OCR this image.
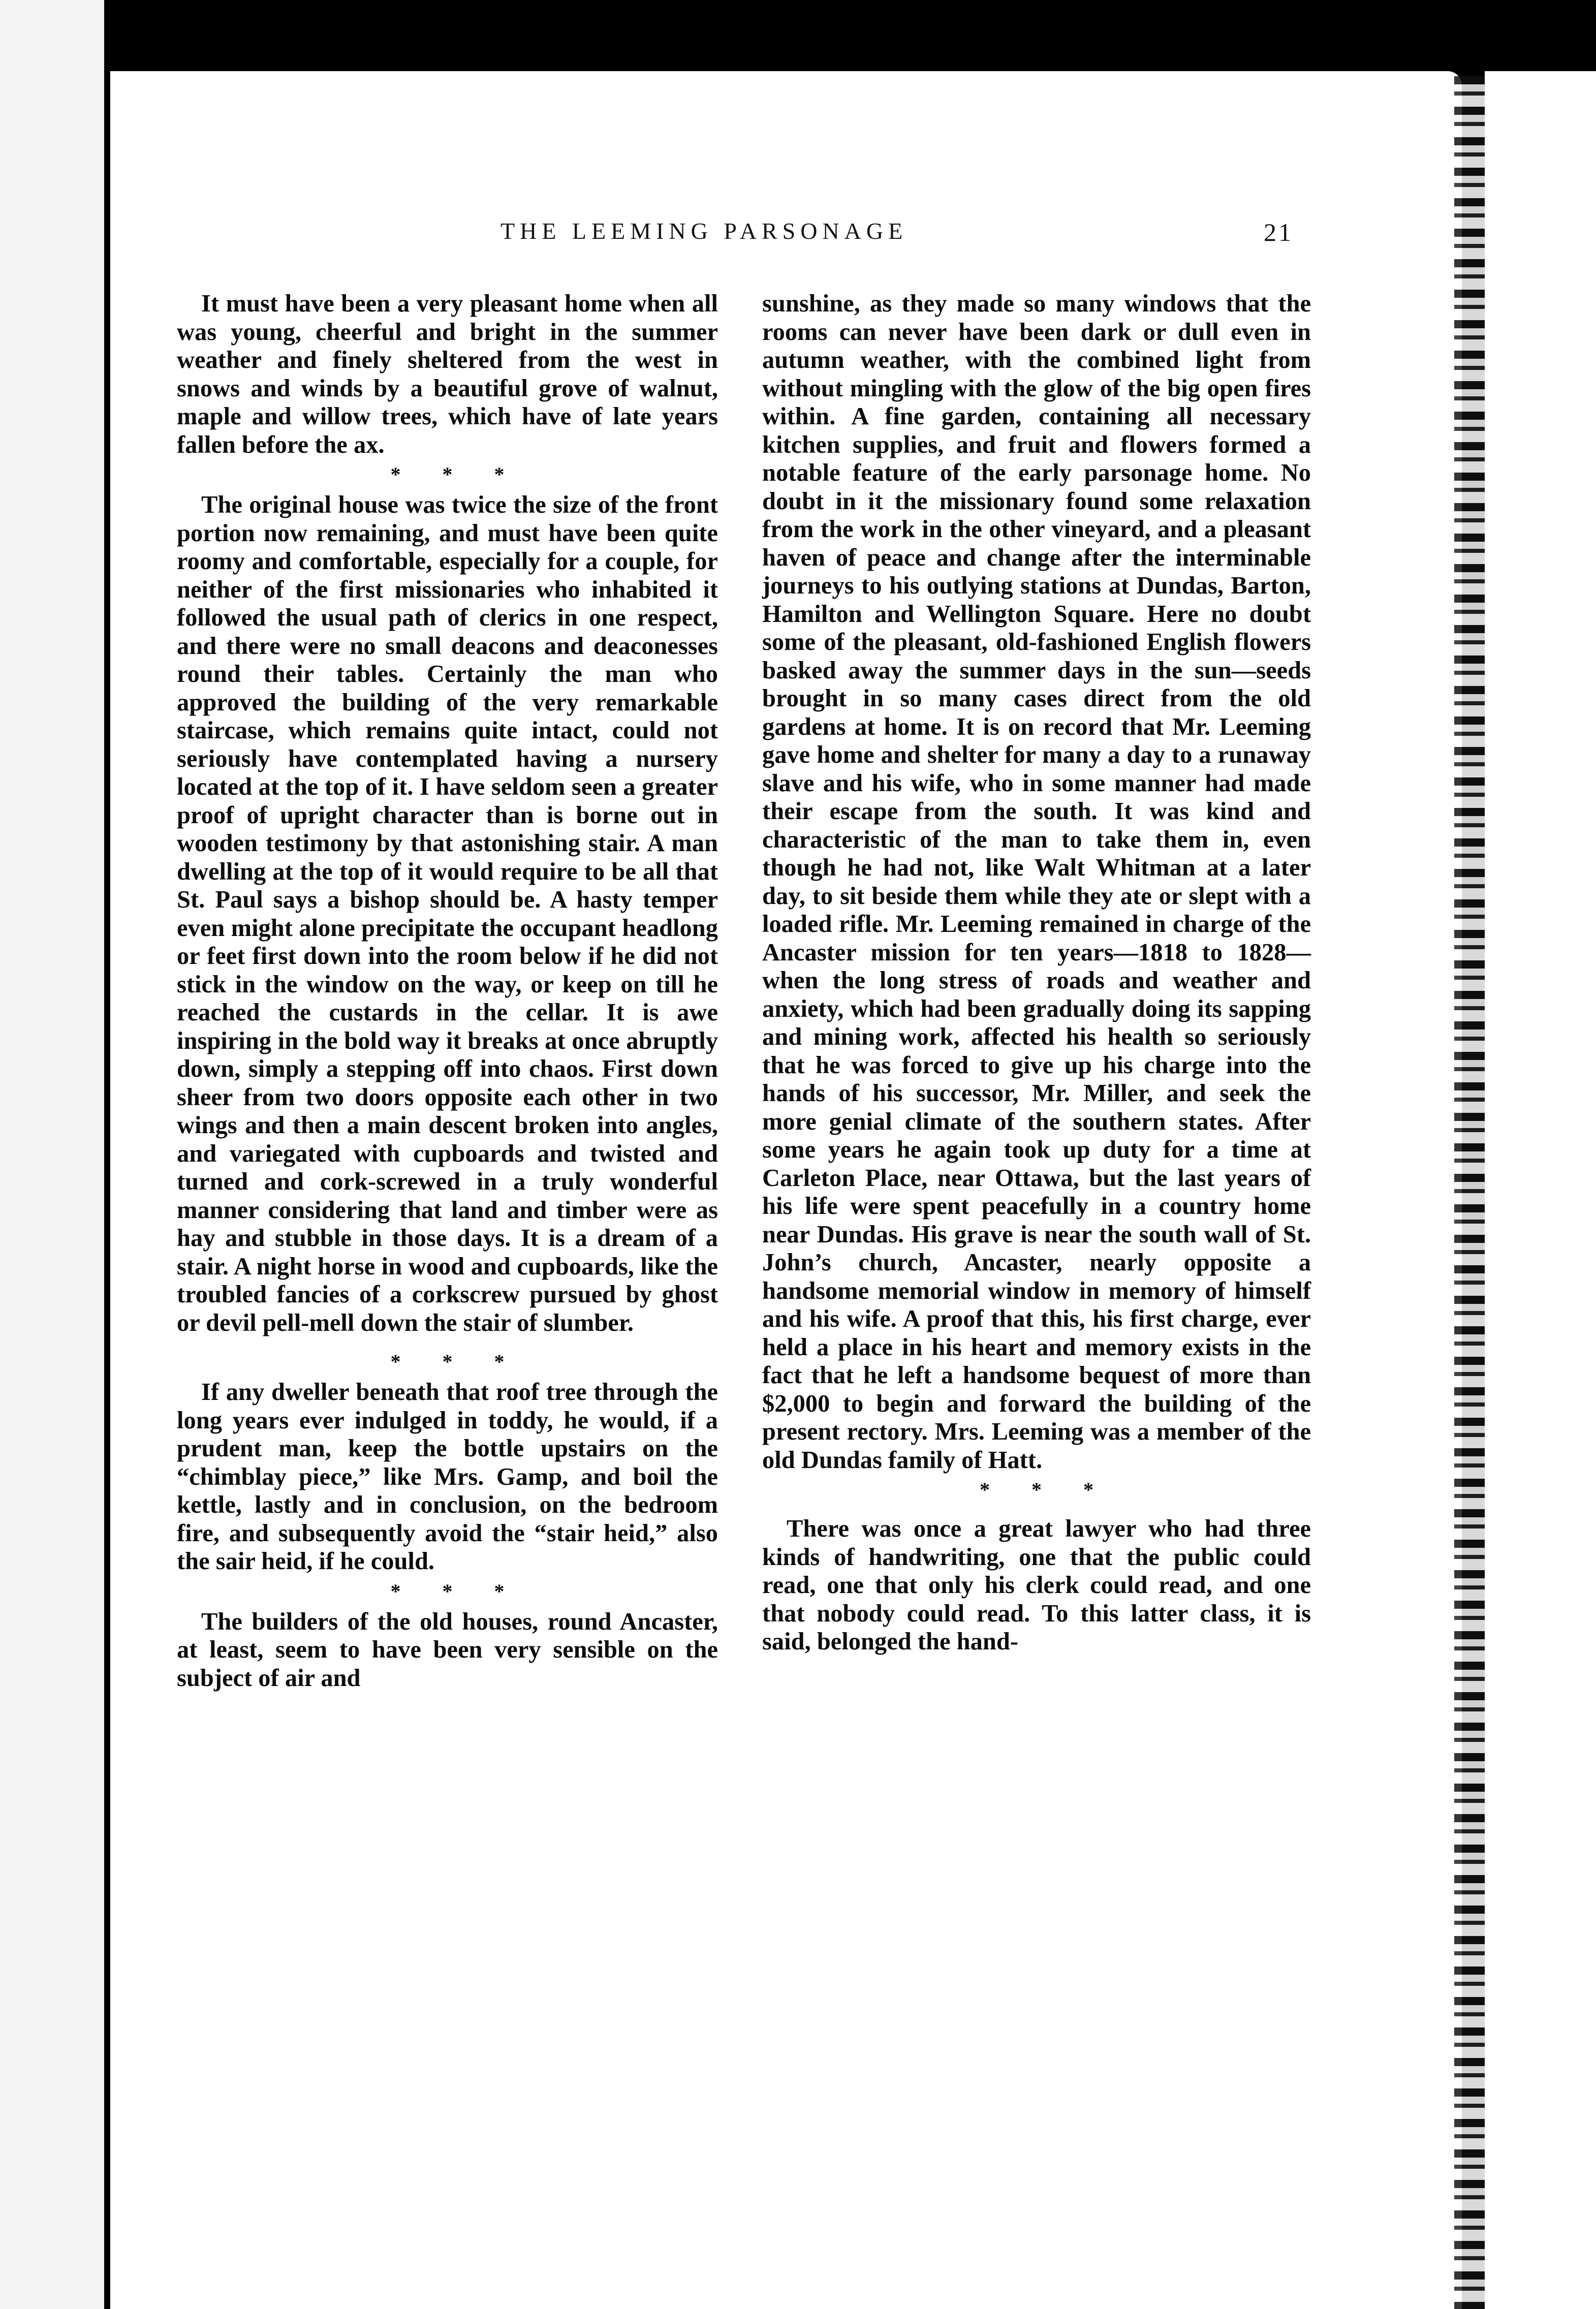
THE LEEMING PARSONAGE	21

It must have been a very pleasant home when all was young, cheerful and bright in the summer weather and finely sheltered from the west in snows and winds by a beautiful grove of walnut, maple and willow trees, which have of late years fallen before the ax.

* * *

The original house was twice the size of the front portion now remaining, and must have been quite roomy and comfortable, especially for a couple, for neither of the first missionaries who inhabited it followed the usual path of clerics in one respect, and there were no small deacons and deaconesses round their tables. Certainly the man who approved the building of the very remarkable staircase, which remains quite intact, could not seriously have contemplated having a nursery located at the top of it. I have seldom seen a greater proof of upright character than is borne out in wooden testimony by that astonishing stair. A man dwelling at the top of it would require to be all that St. Paul says a bishop should be. A hasty temper even might alone precipitate the occupant headlong or feet first down into the room below if he did not stick in the window on the way, or keep on till he reached the custards in the cellar. It is awe inspiring in the bold way it breaks at once abruptly down, simply a stepping off into chaos. First down sheer from two doors opposite each other in two wings and then a main descent broken into angles, and variegated with cupboards and twisted and turned and cork-screwed in a truly wonderful manner considering that land and timber were as hay and stubble in those days. It is a dream of a stair. A night horse in wood and cupboards, like the troubled fancies of a corkscrew pursued by ghost or devil pell-mell down the stair of slumber.

* * *

If any dweller beneath that roof tree through the long years ever indulged in toddy, he would, if a prudent man, keep the bottle upstairs on the “chimblay piece,” like Mrs. Gamp, and boil the kettle, lastly and in conclusion, on the bedroom fire, and subsequently avoid the “stair heid,” also the sair heid, if he could.

* * *

The builders of the old houses, round Ancaster, at least, seem to have been very sensible on the subject of air and

sunshine, as they made so many windows that the rooms can never have been dark or dull even in autumn weather, with the combined light from without mingling with the glow of the big open fires within. A fine garden, containing all necessary kitchen supplies, and fruit and flowers formed a notable feature of the early parsonage home. No doubt in it the missionary found some relaxation from the work in the other vineyard, and a pleasant haven of peace and change after the interminable journeys to his outlying stations at Dundas, Barton, Hamilton and Wellington Square. Here no doubt some of the pleasant, old-fashioned English flowers basked away the summer days in the sun—seeds brought in so many cases direct from the old gardens at home. It is on record that Mr. Leeming gave home and shelter for many a day to a runaway slave and his wife, who in some manner had made their escape from the south. It was kind and characteristic of the man to take them in, even though he had not, like Walt Whitman at a later day, to sit beside them while they ate or slept with a loaded rifle. Mr. Leeming remained in charge of the Ancaster mission for ten years—1818 to 1828—when the long stress of roads and weather and anxiety, which had been gradually doing its sapping and mining work, affected his health so seriously that he was forced to give up his charge into the hands of his successor, Mr. Miller, and seek the more genial climate of the southern states. After some years he again took up duty for a time at Carleton Place, near Ottawa, but the last years of his life were spent peacefully in a country home near Dundas. His grave is near the south wall of St. John’s church, Ancaster, nearly opposite a handsome memorial window in memory of himself and his wife. A proof that this, his first charge, ever held a place in his heart and memory exists in the fact that he left a handsome bequest of more than $2,000 to begin and forward the building of the present rectory. Mrs. Leeming was a member of the old Dundas family of Hatt.

* * *

There was once a great lawyer who had three kinds of handwriting, one that the public could read, one that only his clerk could read, and one that nobody could read. To this latter class, it is said, belonged the hand-
